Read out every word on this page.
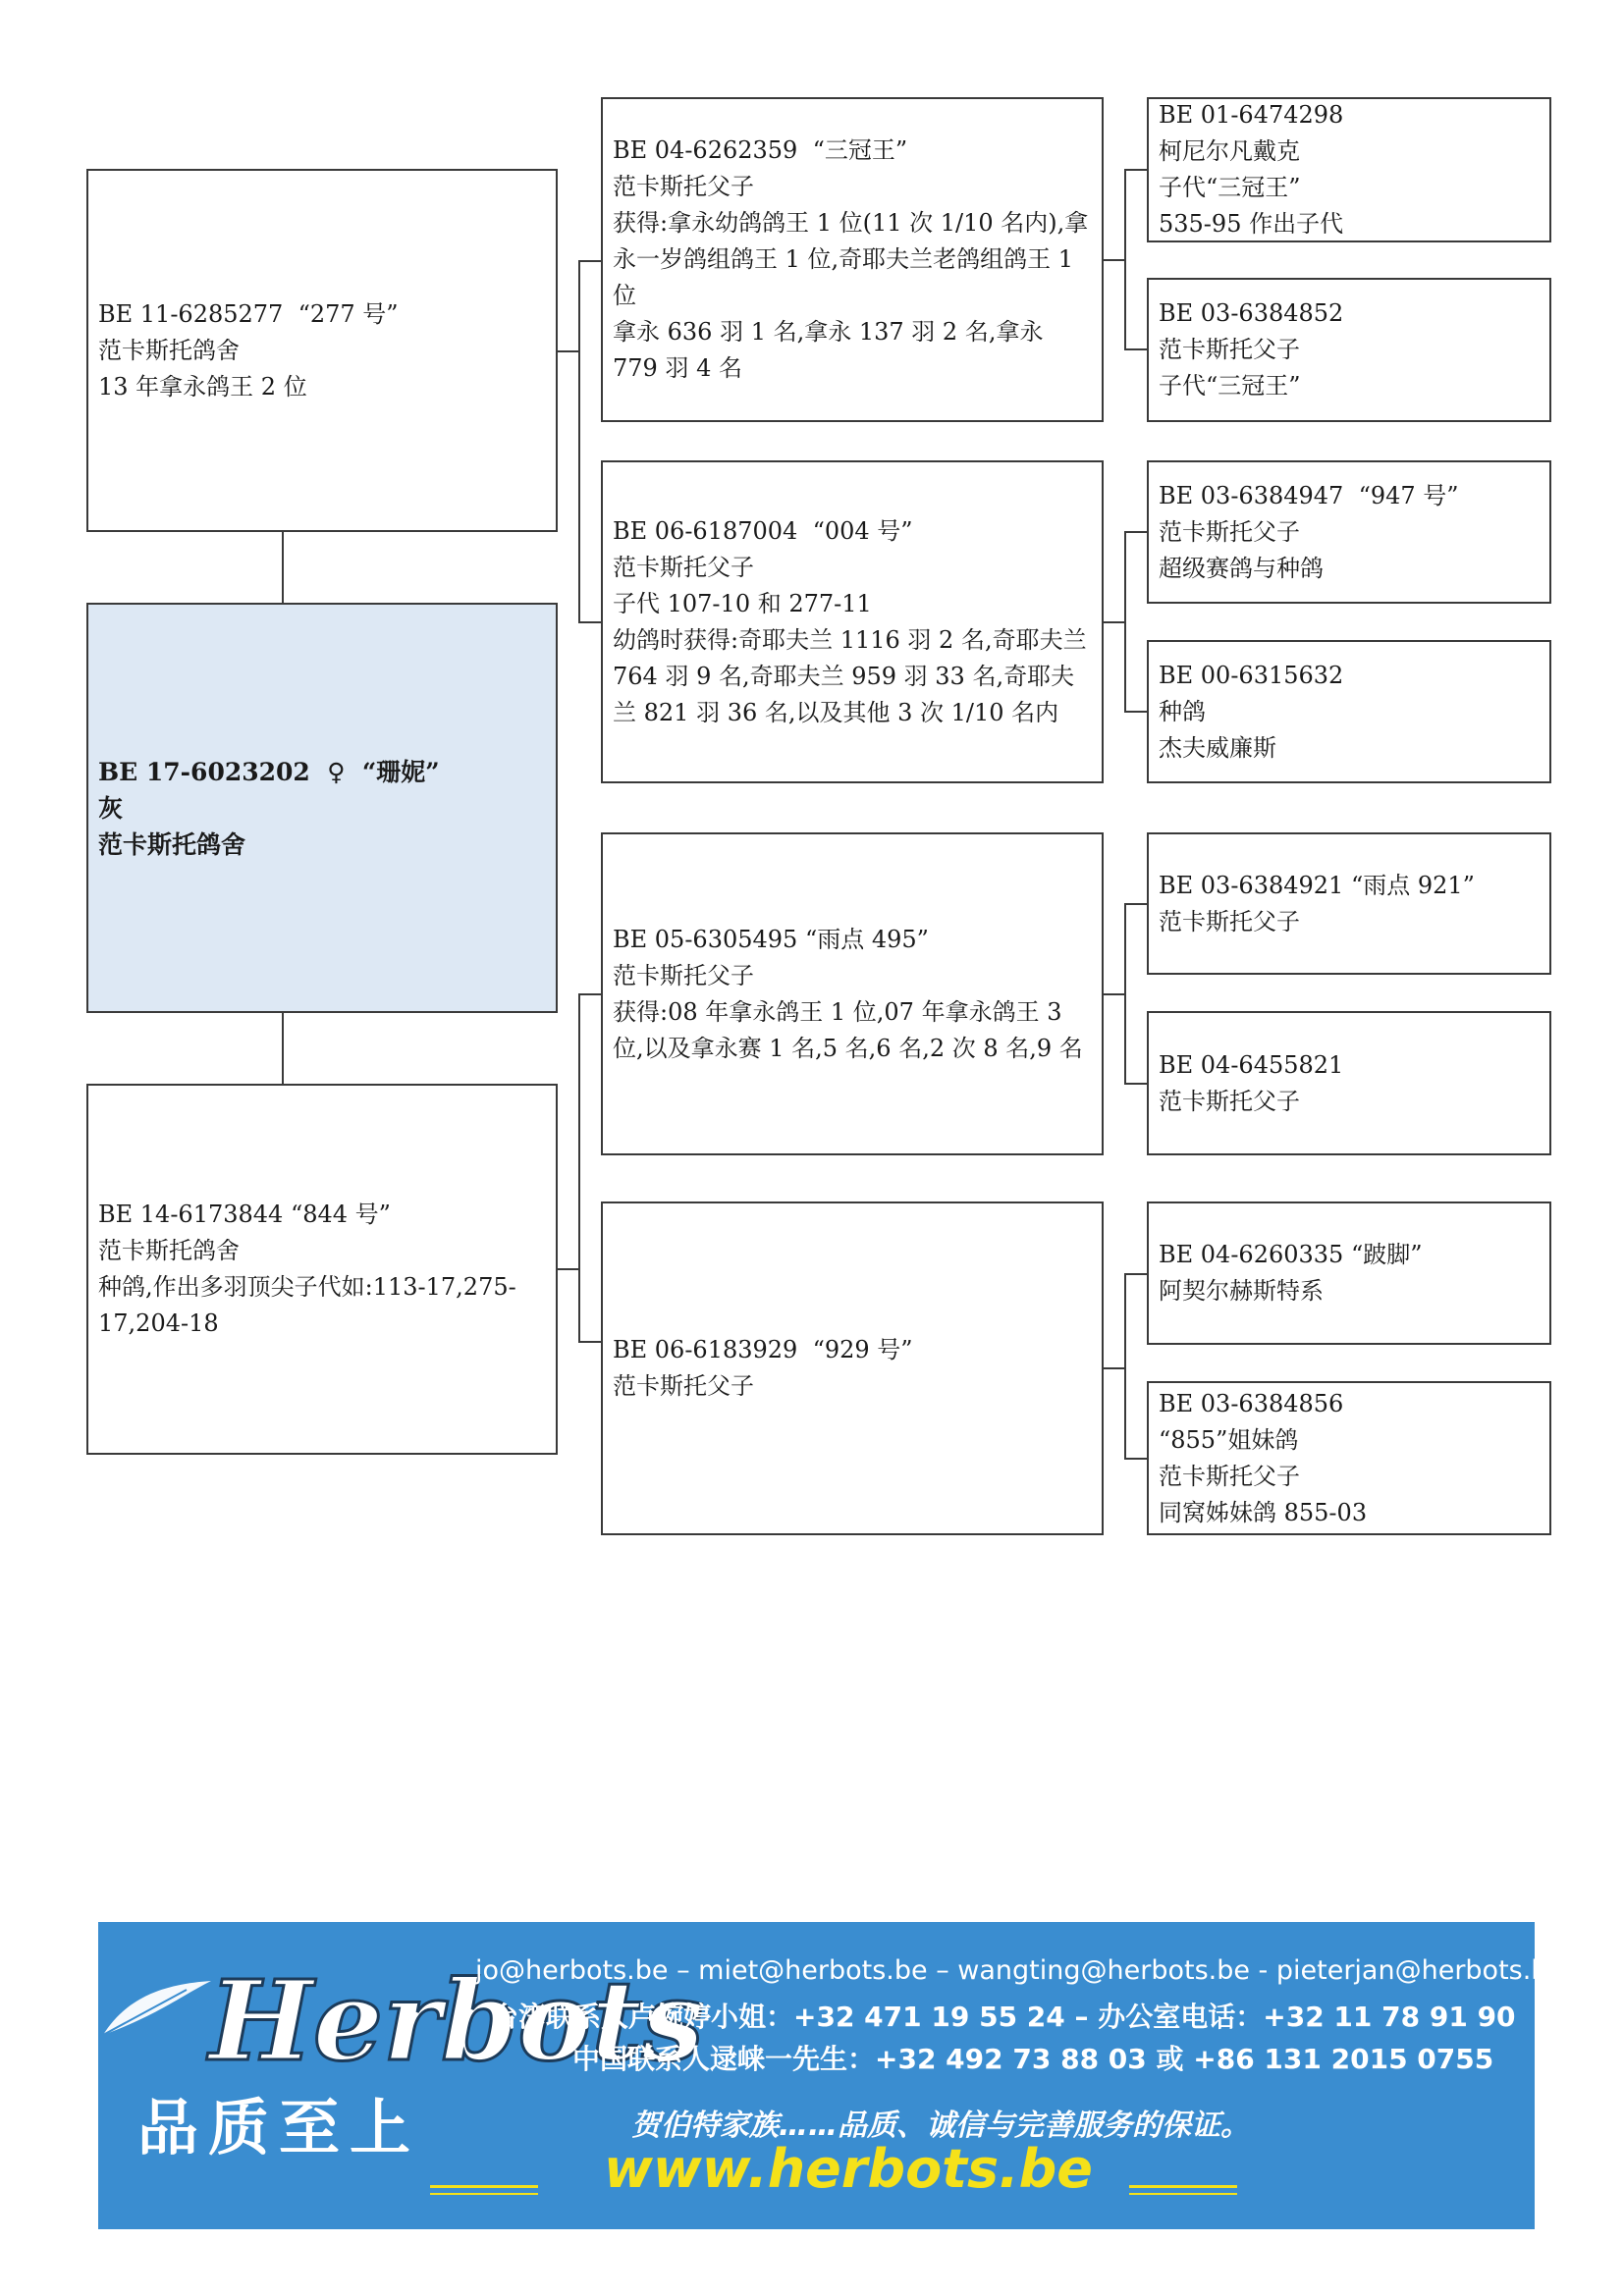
BE 11-6285277  “277 号”
范卡斯托鸽舍
13 年拿永鸽王 2 位
BE 17-6023202  ♀  “珊妮”
灰
范卡斯托鸽舍
BE 14-6173844 “844 号”
范卡斯托鸽舍
种鸽,作出多羽顶尖子代如:113-17,275-17,204-18
BE 04-6262359  “三冠王”
范卡斯托父子
获得:拿永幼鸽鸽王 1 位(11 次 1/10 名内),拿永一岁鸽组鸽王 1 位,奇耶夫兰老鸽组鸽王 1 位
拿永 636 羽 1 名,拿永 137 羽 2 名,拿永 779 羽 4 名
BE 06-6187004  “004 号”
范卡斯托父子
子代 107-10 和 277-11
幼鸽时获得:奇耶夫兰 1116 羽 2 名,奇耶夫兰 764 羽 9 名,奇耶夫兰 959 羽 33 名,奇耶夫兰 821 羽 36 名,以及其他 3 次 1/10 名内
BE 05-6305495 “雨点 495”
范卡斯托父子
获得:08 年拿永鸽王 1 位,07 年拿永鸽王 3 位,以及拿永赛 1 名,5 名,6 名,2 次 8 名,9 名
BE 06-6183929  “929 号”
范卡斯托父子
BE 01-6474298
柯尼尔凡戴克
子代“三冠王”
535-95 作出子代
BE 03-6384852
范卡斯托父子
子代“三冠王”
BE 03-6384947  “947 号”
范卡斯托父子
超级赛鸽与种鸽
BE 00-6315632
种鸽
杰夫威廉斯
BE 03-6384921 “雨点 921”
范卡斯托父子
BE 04-6455821
范卡斯托父子
BE 04-6260335 “跛脚”
阿契尔赫斯特系
BE 03-6384856
“855”姐妹鸽
范卡斯托父子
同窝姊妹鸽 855-03
Herbots
品质至上
jo@herbots.be – miet@herbots.be – wangting@herbots.be - pieterjan@herbots.be
台湾联系人卢婉婷小姐：+32 471 19 55 24 – 办公室电话：+32 11 78 91 90
中国联系人逯崃一先生：+32 492 73 88 03 或 +86 131 2015 0755
贺伯特家族……品质、诚信与完善服务的保证。
www.herbots.be
